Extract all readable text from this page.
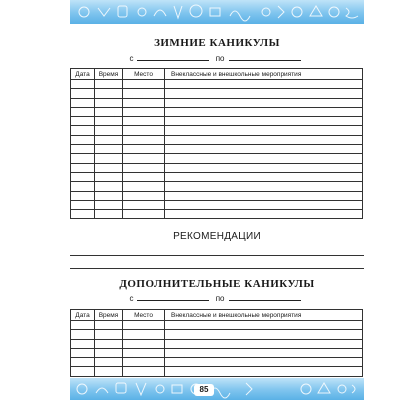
ЗИМНИЕ КАНИКУЛЫ
с	по
Дата	Время	Место	Внеклассные и внешкольные мероприятия

РЕКОМЕНДАЦИИ
ДОПОЛНИТЕЛЬНЫЕ КАНИКУЛЫ
с	по
Дата	Время	Место	Внеклассные и внешкольные мероприятия

85
